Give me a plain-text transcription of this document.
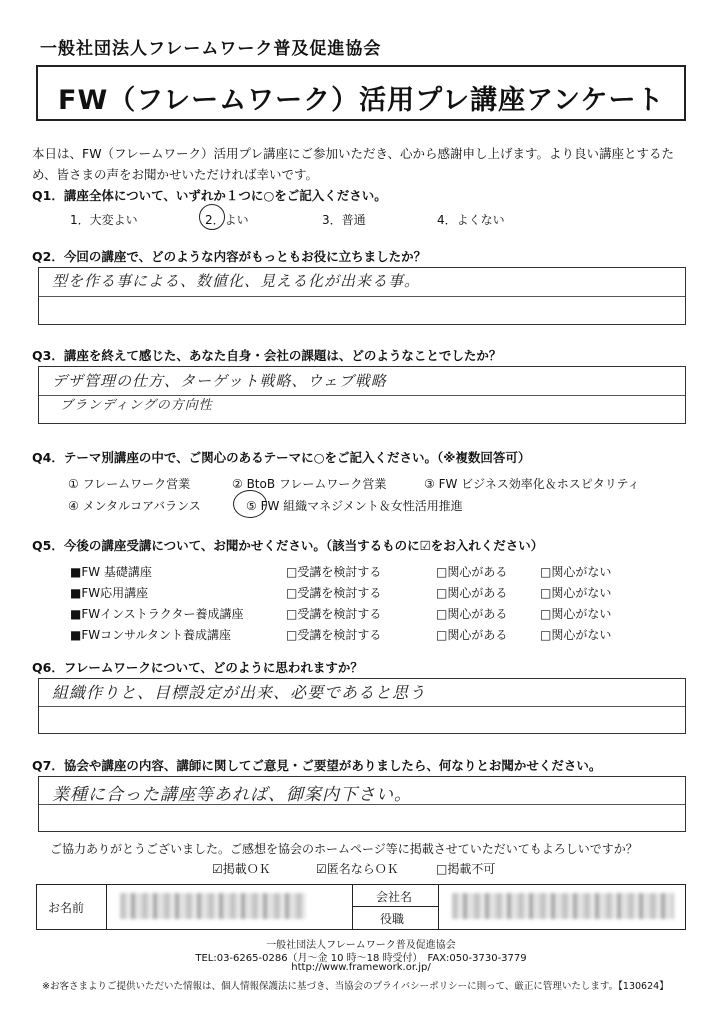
一般社団法人フレームワーク普及促進協会
FW（フレームワーク）活用プレ講座アンケート
本日は、FW（フレームワーク）活用プレ講座にご参加いただき、心から感謝申し上げます。より良い講座とするため、皆さまの声をお聞かせいただければ幸いです。
Q1．講座全体について、いずれか１つに○をご記入ください。
1．大変よい	2．よい	3．普通	4．よくない
Q2．今回の講座で、どのような内容がもっともお役に立ちましたか？
型を作る事による、数値化、見える化が出来る事。
Q3．講座を終えて感じた、あなた自身・会社の課題は、どのようなことでしたか？
デザ管理の仕方、ターゲット戦略、ウェブ戦略
ブランディングの方向性
Q4．テーマ別講座の中で、ご関心のあるテーマに○をご記入ください。（※複数回答可）
① フレームワーク営業	② BtoB フレームワーク営業	③ FW ビジネス効率化＆ホスピタリティ
④ メンタルコアバランス	⑤ FW 組織マネジメント＆女性活用推進
Q5．今後の講座受講について、お聞かせください。（該当するものに☑をお入れください）
■FW 基礎講座	□受講を検討する	□関心がある	□関心がない
■FW応用講座	□受講を検討する	□関心がある	□関心がない
■FWインストラクター養成講座	□受講を検討する	□関心がある	□関心がない
■FWコンサルタント養成講座	□受講を検討する	□関心がある	□関心がない
Q6．フレームワークについて、どのように思われますか？
組織作りと、目標設定が出来、必要であると思う
Q7．協会や講座の内容、講師に関してご意見・ご要望がありましたら、何なりとお聞かせください。
業種に合った講座等あれば、御案内下さい。
ご協力ありがとうございました。ご感想を協会のホームページ等に掲載させていただいてもよろしいですか？
☑掲載ＯＫ	☑匿名ならＯＫ	□掲載不可
お名前
会社名
役職
一般社団法人フレームワーク普及促進協会
TEL:03-6265-0286（月〜金 10 時〜18 時受付）　FAX:050-3730-3779
http://www.framework.or.jp/
※お客さまよりご提供いただいた情報は、個人情報保護法に基づき、当協会のプライバシーポリシーに則って、厳正に管理いたします。【130624】
